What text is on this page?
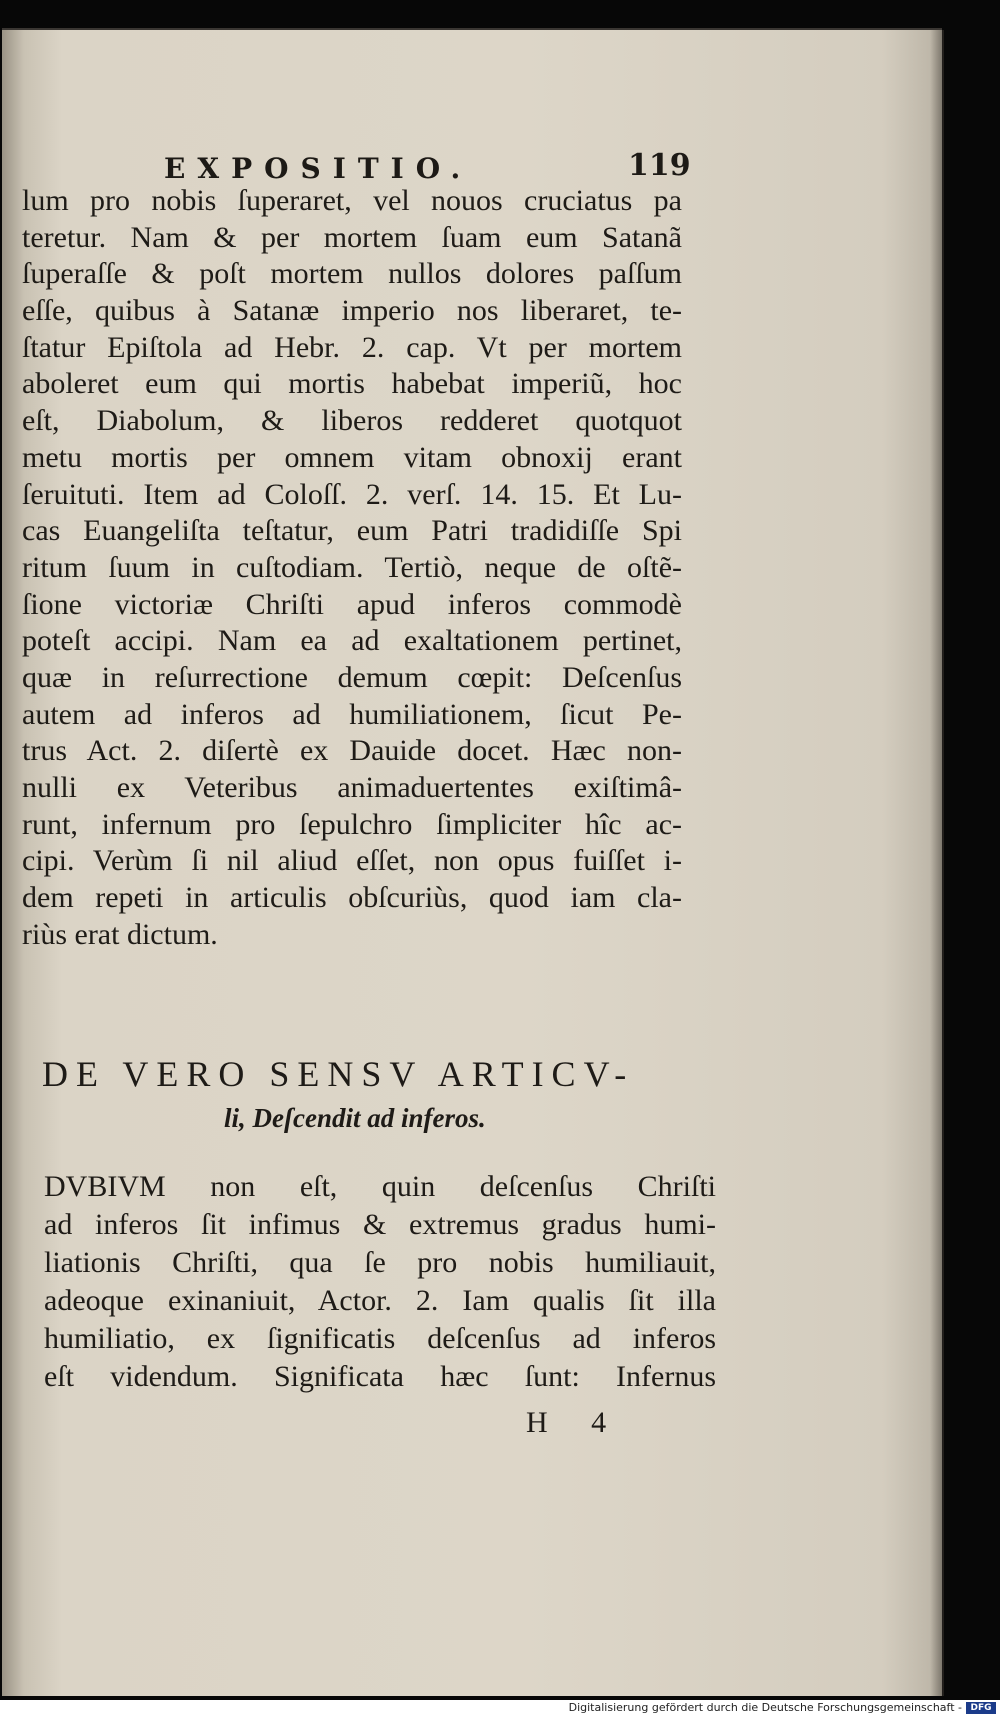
EXPOSITIO.	119
lum pro nobis ſuperaret, vel nouos cruciatus pa
teretur. Nam & per mortem ſuam eum Satanã
ſuperaſſe & poſt mortem nullos dolores paſſum
eſſe, quibus à Satanæ imperio nos liberaret, te-
ſtatur Epiſtola ad Hebr. 2. cap. Vt per mortem
aboleret eum qui mortis habebat imperiũ, hoc
eſt, Diabolum, & liberos redderet quotquot
metu mortis per omnem vitam obnoxij erant
ſeruituti. Item ad Coloſſ. 2. verſ. 14. 15. Et Lu-
cas Euangeliſta teſtatur, eum Patri tradidiſſe Spi
ritum ſuum in cuſtodiam. Tertiò, neque de oſtẽ-
ſione victoriæ Chriſti apud inferos commodè
poteſt accipi. Nam ea ad exaltationem pertinet,
quæ in reſurrectione demum cœpit: Deſcenſus
autem ad inferos ad humiliationem, ſicut Pe-
trus Act. 2. diſertè ex Dauide docet. Hæc non-
nulli ex Veteribus animaduertentes exiſtimâ-
runt, infernum pro ſepulchro ſimpliciter hîc ac-
cipi. Verùm ſi nil aliud eſſet, non opus fuiſſet i-
dem repeti in articulis obſcuriùs, quod iam cla-
riùs erat dictum.
DE VERO SENSV ARTICV-
li, Deſcendit ad inferos.
DVBIVM non eſt, quin deſcenſus Chriſti
ad inferos ſit infimus & extremus gradus humi-
liationis Chriſti, qua ſe pro nobis humiliauit,
adeoque exinaniuit, Actor. 2. Iam qualis ſit illa
humiliatio, ex ſignificatis deſcenſus ad inferos
eſt videndum. Significata hæc ſunt: Infernus
H 4
Digitalisierung gefördert durch die Deutsche Forschungsgemeinschaft - DFG
